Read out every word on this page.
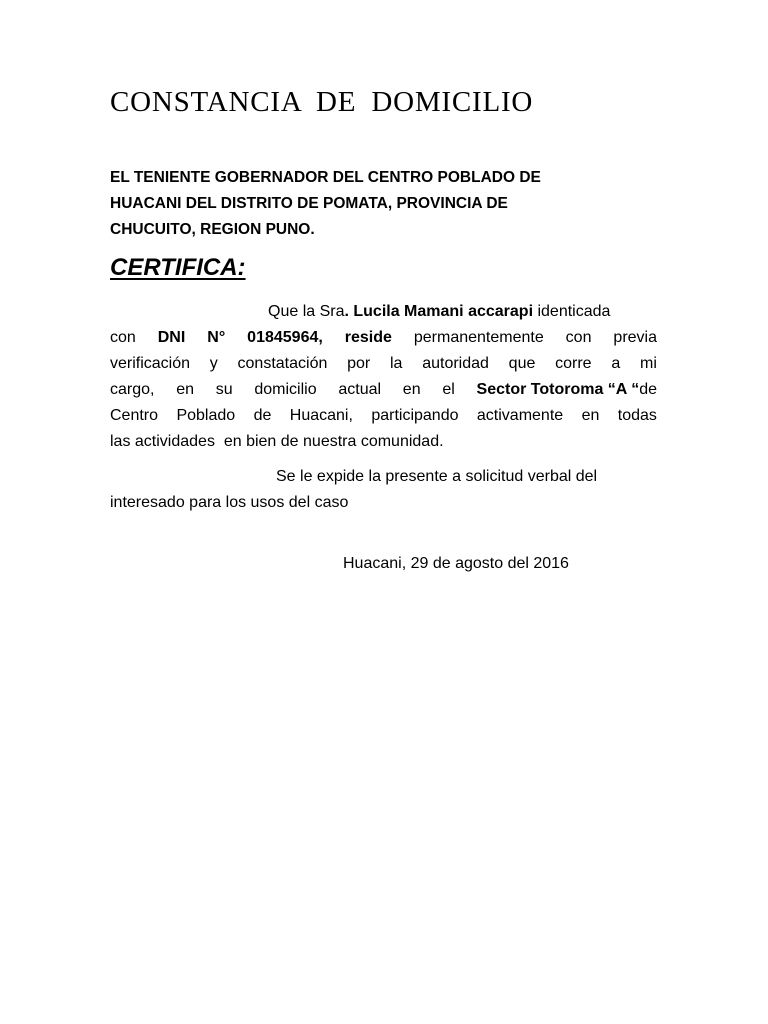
CONSTANCIA DE DOMICILIO
EL TENIENTE GOBERNADOR DEL CENTRO POBLADO DE
HUACANI DEL DISTRITO DE POMATA, PROVINCIA DE
CHUCUITO, REGION PUNO.
CERTIFICA:
Que la Sra . Lucila Mamani accarapi
identicada
con DNI N° 01845964, reside permanentemente con previa
verificación y constatación por la autoridad que corre a mi
cargo, en su domicilio actual en el Sector Totoroma “A “de
Centro Poblado de Huacani, participando activamente en todas
las actividades  en bien de nuestra comunidad.
Se le expide la presente a solicitud verbal del
interesado para los usos del caso
Huacani, 29 de agosto del 2016
